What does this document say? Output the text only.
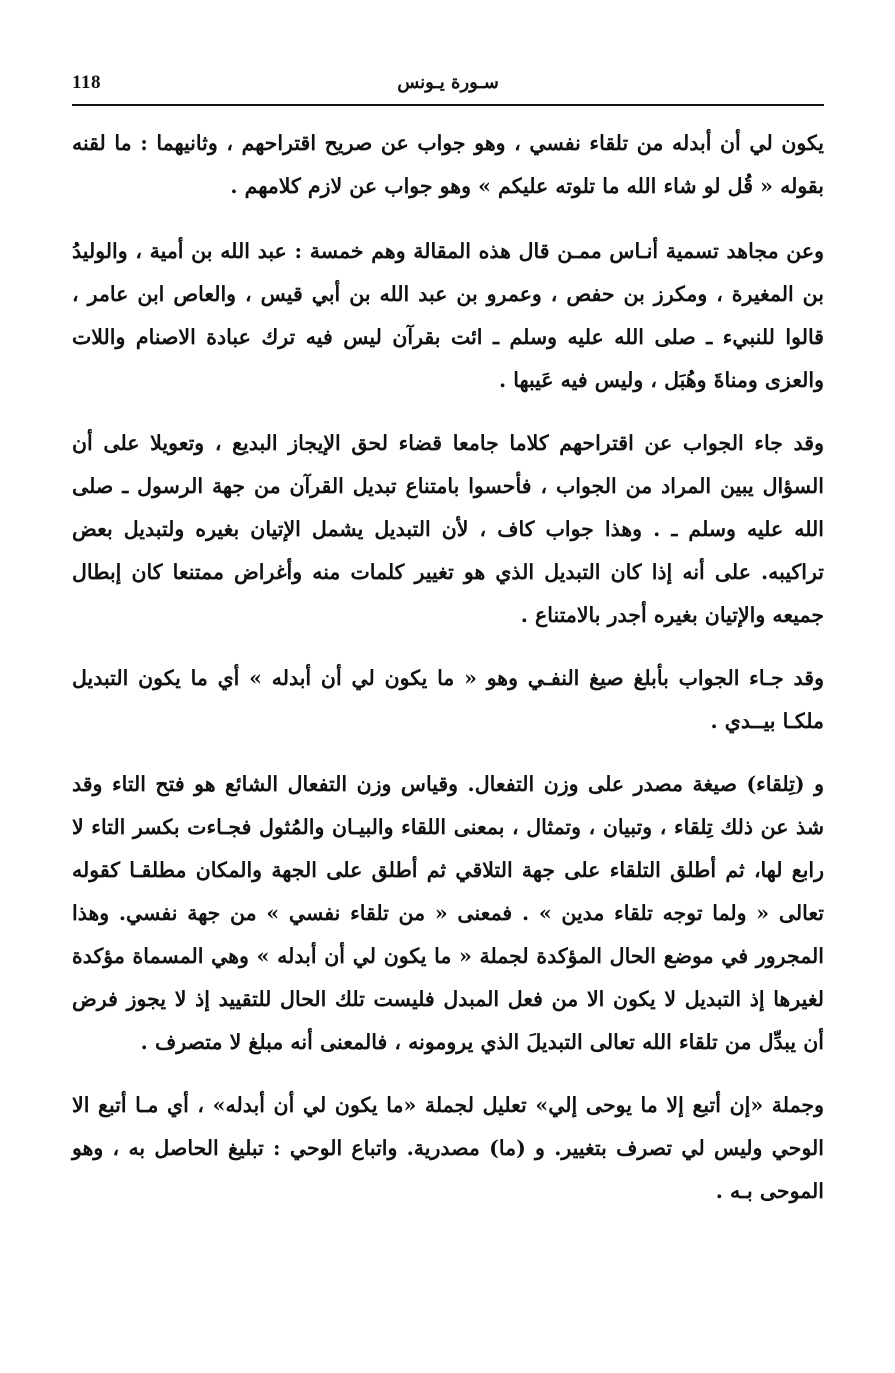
118	سـورة يـونس

يكون لي أن أبدله من تلقاء نفسي ، وهو جواب عن صريح اقتراحهم ، وثانيهما : ما لقنه بقوله « قُل لو شاء الله ما تلوته عليكم » وهو جواب عن لازم كلامهم .

وعن مجاهد تسمية أنـاس ممـن قال هذه المقالة وهم خمسة : عبد الله بن أمية ، والوليدُ بن المغيرة ، ومكرز بن حفص ، وعمرو بن عبد الله بن أبي قيس ، والعاص ابن عامر ، قالوا للنبيء ـ صلى الله عليه وسلم ـ ائت بقرآن ليس فيه ترك عبادة الاصنام واللات والعزى ومناةَ وهُبَل ، وليس فيه عَيبها .

وقد جاء الجواب عن اقتراحهم كلاما جامعا قضاء لحق الإيجاز البديع ، وتعويلا على أن السؤال يبين المراد من الجواب ، فأحسوا بامتناع تبديل القرآن من جهة الرسول ـ صلى الله عليه وسلم ـ . وهذا جواب كاف ، لأن التبديل يشمل الإتيان بغيره ولتبديل بعض تراكيبه. على أنه إذا كان التبديل الذي هو تغيير كلمات منه وأغراض ممتنعا كان إبطال جميعه والإتيان بغيره أجدر بالامتناع .

وقد جـاء الجواب بأبلغ صيغ النفـي وهو « ما يكون لي أن أبدله » أي ما يكون التبديل ملكـا بيــدي .

و (تِلقاء) صيغة مصدر على وزن التفعال. وقياس وزن التفعال الشائع هو فتح التاء وقد شذ عن ذلك تِلقاء ، وتبيان ، وتمثال ، بمعنى اللقاء والبيـان والمُثول فجـاءت بكسر التاء لا رابع لها، ثم أطلق التلقاء على جهة التلاقي ثم أطلق على الجهة والمكان مطلقـا كقوله تعالى « ولما توجه تلقاء مدين » . فمعنى « من تلقاء نفسي » من جهة نفسي. وهذا المجرور في موضع الحال المؤكدة لجملة « ما يكون لي أن أبدله » وهي المسماة مؤكدة لغيرها إذ التبديل لا يكون الا من فعل المبدل فليست تلك الحال للتقييد إذ لا يجوز فرض أن يبدِّل من تلقاء الله تعالى التبديلَ الذي يرومونه ، فالمعنى أنه مبلغ لا متصرف .

وجملة «إن أتبع إلا ما يوحى إلي» تعليل لجملة «ما يكون لي أن أبدله» ، أي مـا أتبع الا الوحي وليس لي تصرف بتغيير. و (ما) مصدرية. واتباع الوحي : تبليغ الحاصل به ، وهو الموحى بـه .
